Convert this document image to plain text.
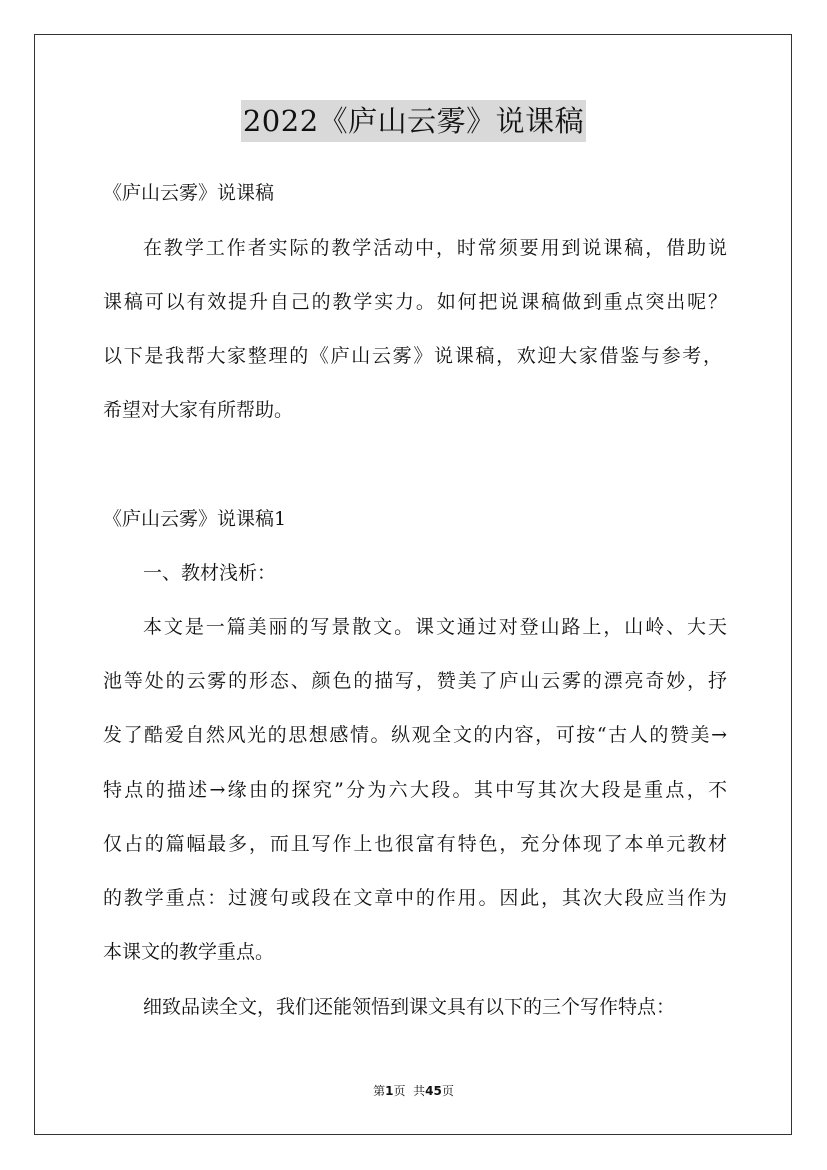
2022《庐山云雾》说课稿
《庐山云雾》说课稿
在教学工作者实际的教学活动中，时常须要用到说课稿，借助说
课稿可以有效提升自己的教学实力。如何把说课稿做到重点突出呢？
以下是我帮大家整理的《庐山云雾》说课稿，欢迎大家借鉴与参考，
希望对大家有所帮助。
《庐山云雾》说课稿1
一、教材浅析：
本文是一篇美丽的写景散文。课文通过对登山路上，山岭、大天
池等处的云雾的形态、颜色的描写，赞美了庐山云雾的漂亮奇妙，抒
发了酷爱自然风光的思想感情。纵观全文的内容，可按“古人的赞美→
特点的描述→缘由的探究”分为六大段。其中写其次大段是重点，不
仅占的篇幅最多，而且写作上也很富有特色，充分体现了本单元教材
的教学重点：过渡句或段在文章中的作用。因此，其次大段应当作为
本课文的教学重点。
细致品读全文，我们还能领悟到课文具有以下的三个写作特点：
第1页 共45页
